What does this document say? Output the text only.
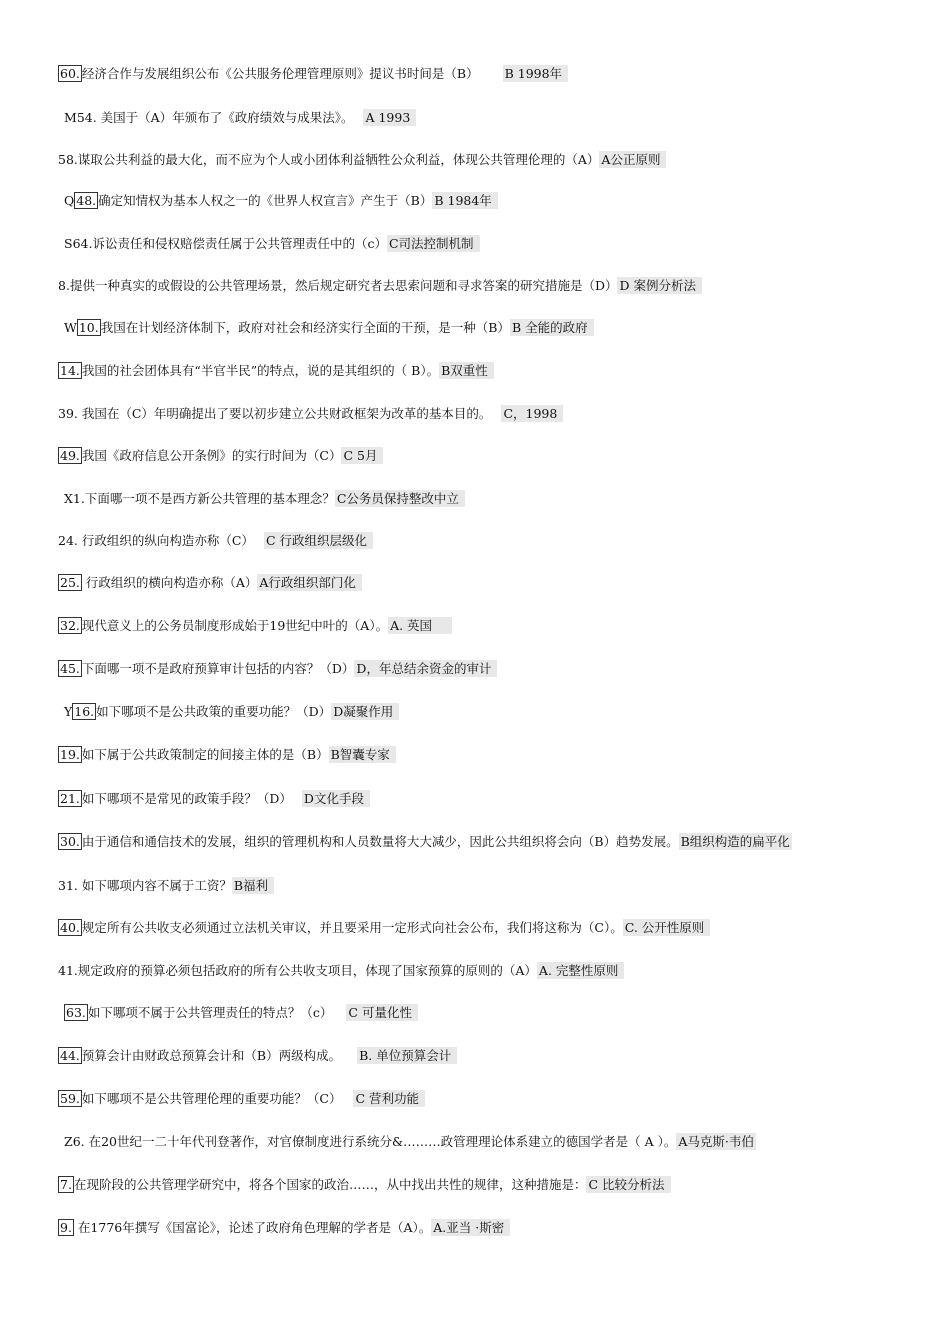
60. 经济合作与发展组织公布《公共服务伦理管理原则》提议书时间是（B） B 1998年
M54. 美国于（A）年颁布了《政府绩效与成果法》。 A 1993
58.谋取公共利益的最大化，而不应为个人或小团体利益牺牲公众利益，体现公共管理伦理的（A） A公正原则
Q 48. 确定知情权为基本人权之一的《世界人权宣言》产生于（B） B 1984年
S64.诉讼责任和侵权赔偿责任属于公共管理责任中的（c） C司法控制机制
8.提供一种真实的或假设的公共管理场景，然后规定研究者去思索问题和寻求答案的研究措施是（D） D 案例分析法
W 10. 我国在计划经济体制下，政府对社会和经济实行全面的干预，是一种（B） B 全能的政府
14. 我国的社会团体具有“半官半民”的特点，说的是其组织的（ B）。 B双重性
39. 我国在（C）年明确提出了要以初步建立公共财政框架为改革的基本目的。 C，1998
49. 我国《政府信息公开条例》的实行时间为（C） C 5月
X1.下面哪一项不是西方新公共管理的基本理念？ C公务员保持整改中立
24. 行政组织的纵向构造亦称（C） C 行政组织层级化
25. 行政组织的横向构造亦称（A） A行政组织部门化
32. 现代意义上的公务员制度形成始于19世纪中叶的（A）。 A. 英国
45. 下面哪一项不是政府预算审计包括的内容？（D） D，年总结余资金的审计
Y 16. 如下哪项不是公共政策的重要功能？（D） D凝聚作用
19. 如下属于公共政策制定的间接主体的是（B） B智囊专家
21. 如下哪项不是常见的政策手段？（D） D文化手段
30. 由于通信和通信技术的发展，组织的管理机构和人员数量将大大减少，因此公共组织将会向（B）趋势发展。 B组织构造的扁平化
31. 如下哪项内容不属于工资？ B福利
40. 规定所有公共收支必须通过立法机关审议，并且要采用一定形式向社会公布，我们将这称为（C）。 C. 公开性原则
41.规定政府的预算必须包括政府的所有公共收支项目，体现了国家预算的原则的（A） A. 完整性原则
63. 如下哪项不属于公共管理责任的特点？（c） C 可量化性
44. 预算会计由财政总预算会计和（B）两级构成。 B. 单位预算会计
59. 如下哪项不是公共管理伦理的重要功能？（C） C 营利功能
Z6. 在20世纪一二十年代刊登著作，对官僚制度进行系统分&………政管理理论体系建立的德国学者是（ A ）。 A马克斯·韦伯
7. 在现阶段的公共管理学研究中，将各个国家的政治……，从中找出共性的规律，这种措施是： C 比较分析法
9. 在1776年撰写《国富论》，论述了政府角色理解的学者是（A）。 A.亚当 ·斯密
